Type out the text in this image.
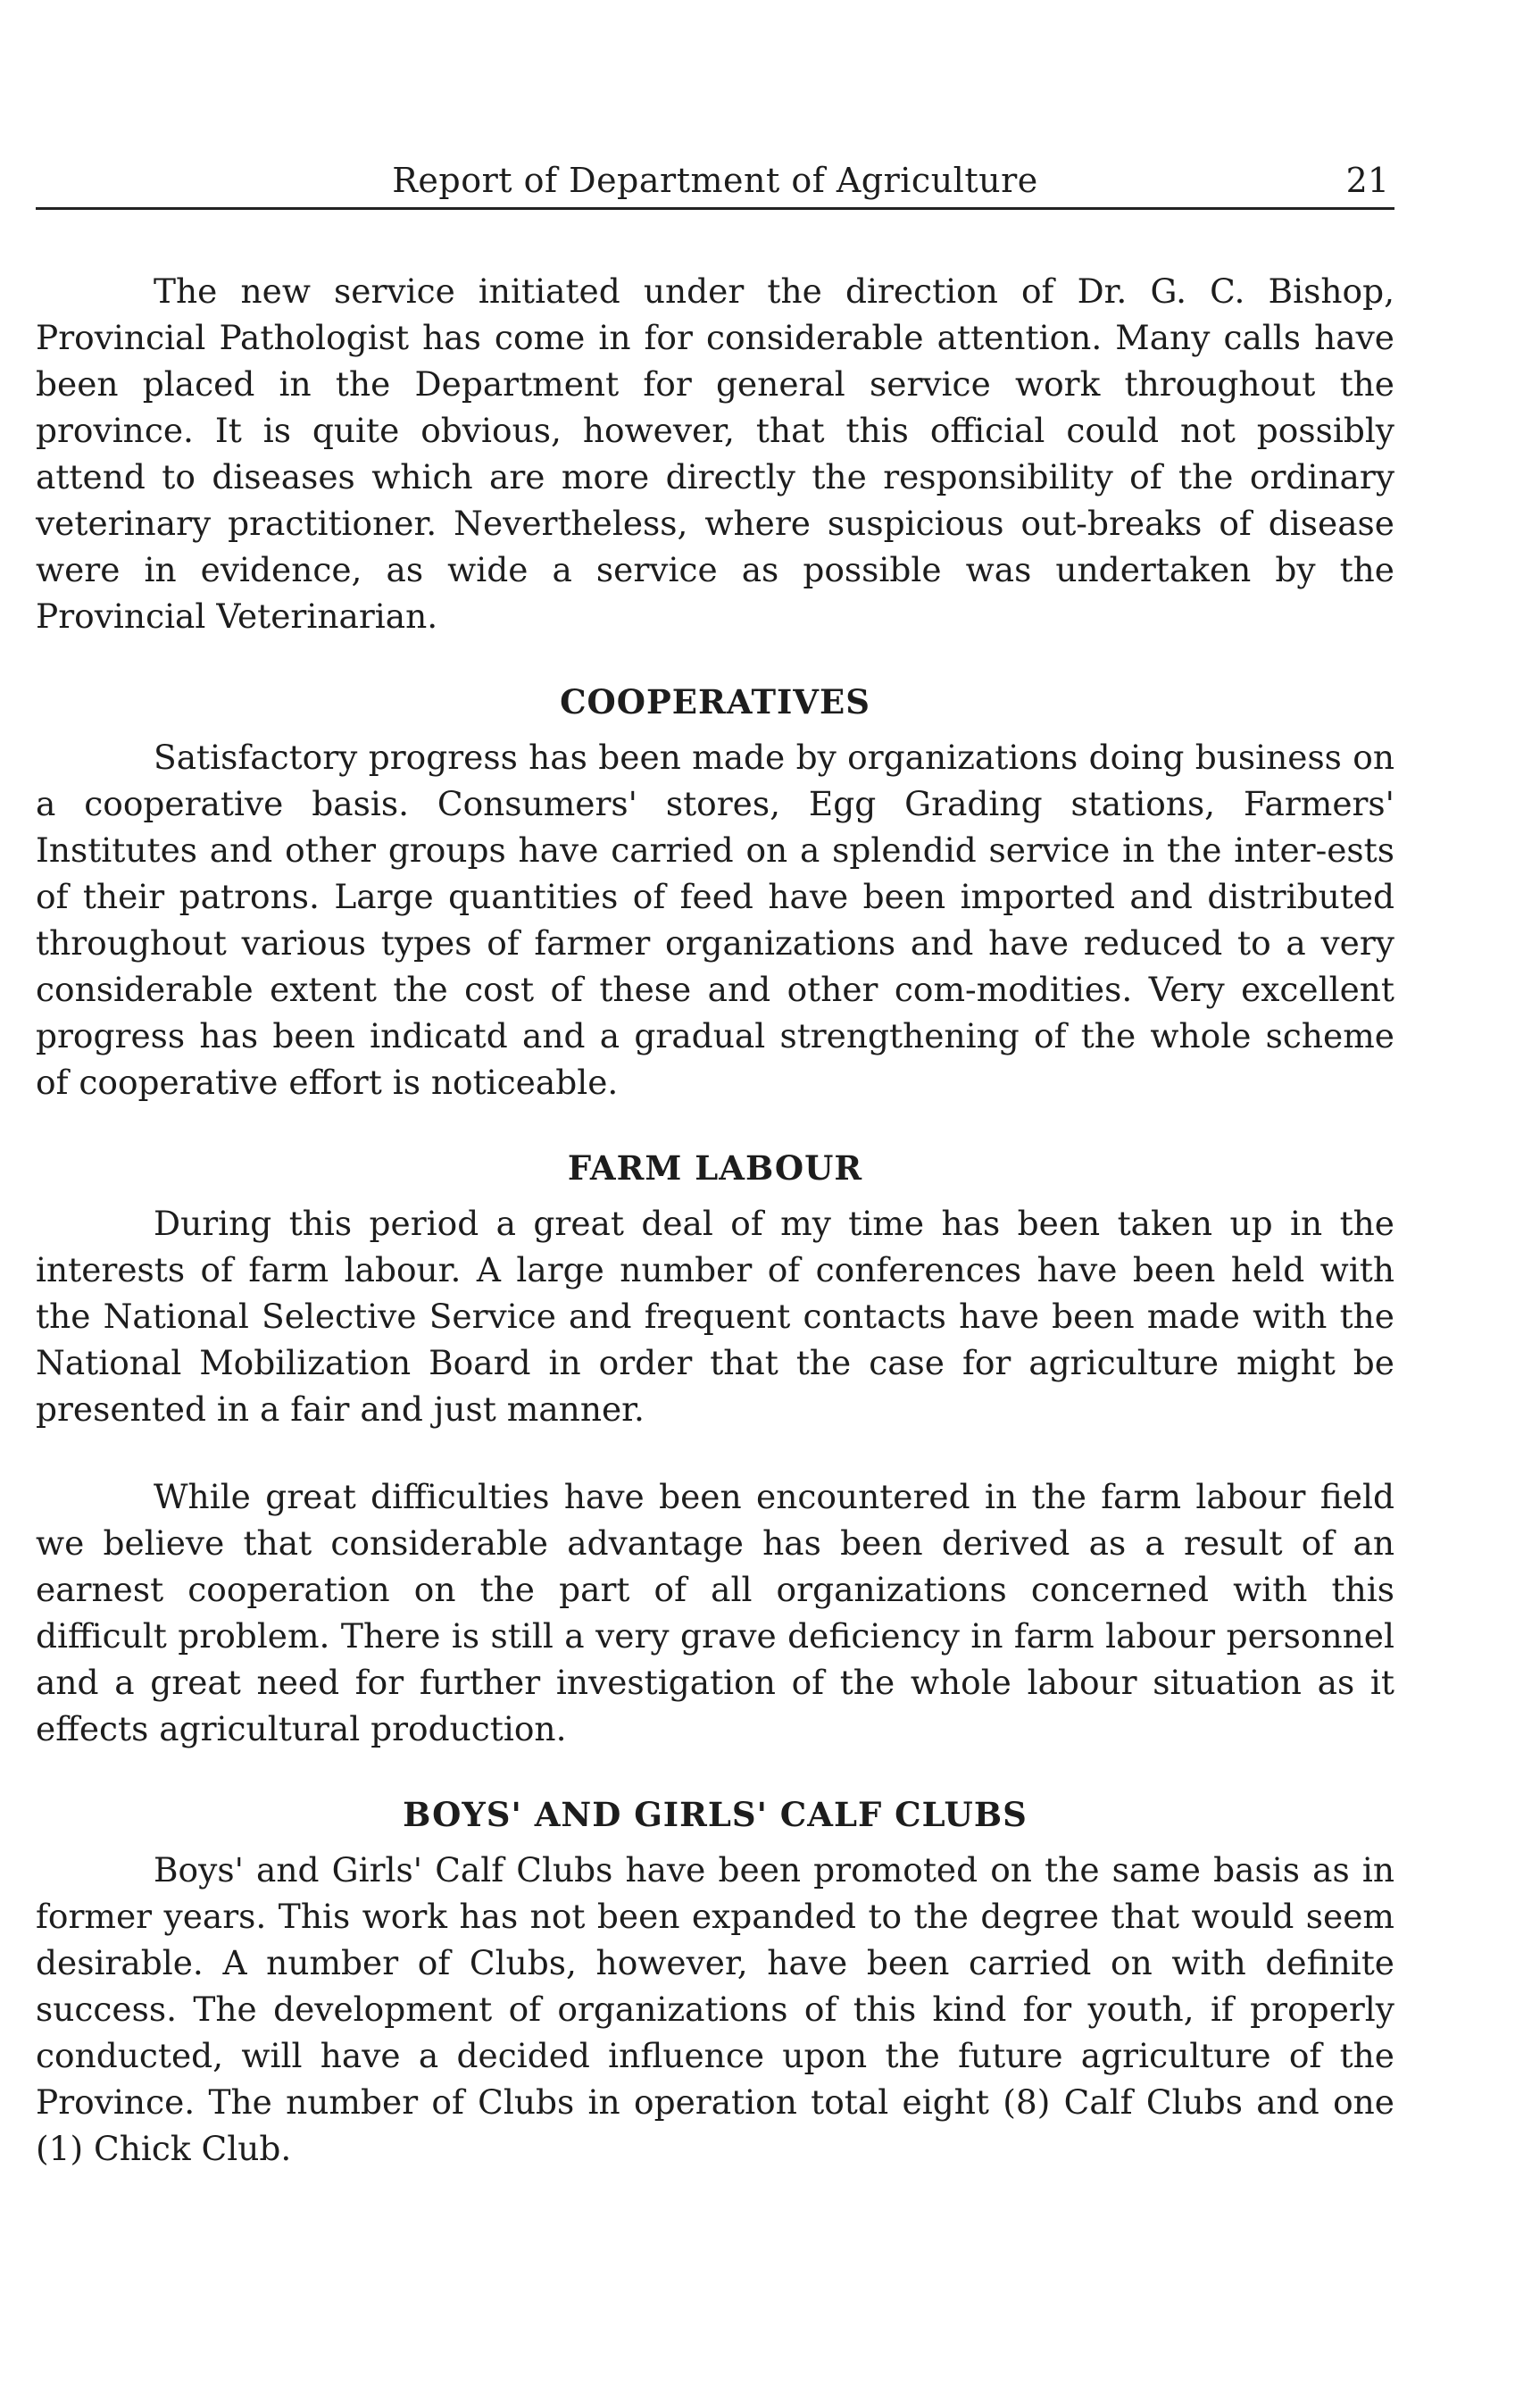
Report of Department of Agriculture	21

The new service initiated under the direction of Dr. G. C. Bishop, Provincial Pathologist has come in for considerable attention. Many calls have been placed in the Department for general service work throughout the province. It is quite obvious, however, that this official could not possibly attend to diseases which are more directly the responsibility of the ordinary veterinary practitioner. Nevertheless, where suspicious out-breaks of disease were in evidence, as wide a service as possible was undertaken by the Provincial Veterinarian.

COOPERATIVES

Satisfactory progress has been made by organizations doing business on a cooperative basis. Consumers' stores, Egg Grading stations, Farmers' Institutes and other groups have carried on a splendid service in the inter-ests of their patrons. Large quantities of feed have been imported and distributed throughout various types of farmer organizations and have reduced to a very considerable extent the cost of these and other com-modities. Very excellent progress has been indicatd and a gradual strengthening of the whole scheme of cooperative effort is noticeable.

FARM LABOUR

During this period a great deal of my time has been taken up in the interests of farm labour. A large number of conferences have been held with the National Selective Service and frequent contacts have been made with the National Mobilization Board in order that the case for agriculture might be presented in a fair and just manner.

While great difficulties have been encountered in the farm labour field we believe that considerable advantage has been derived as a result of an earnest cooperation on the part of all organizations concerned with this difficult problem. There is still a very grave deficiency in farm labour personnel and a great need for further investigation of the whole labour situation as it effects agricultural production.

BOYS' AND GIRLS' CALF CLUBS

Boys' and Girls' Calf Clubs have been promoted on the same basis as in former years. This work has not been expanded to the degree that would seem desirable. A number of Clubs, however, have been carried on with definite success. The development of organizations of this kind for youth, if properly conducted, will have a decided influence upon the future agriculture of the Province. The number of Clubs in operation total eight (8) Calf Clubs and one (1) Chick Club.
